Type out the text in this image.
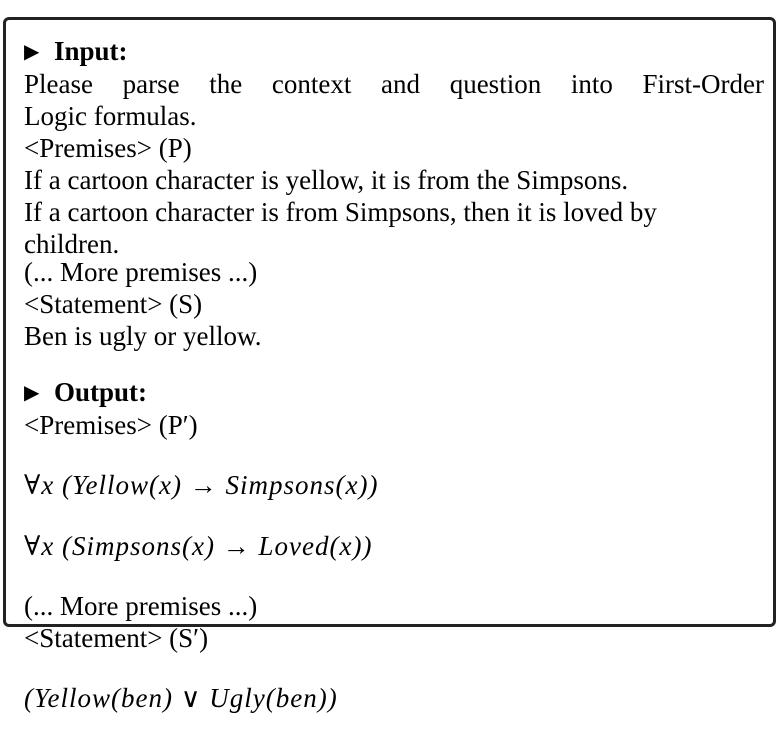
▶ Input:

Please parse the context and question into First-Order

Logic formulas.

<Premises> (P)

If a cartoon character is yellow, it is from the Simpsons.

If a cartoon character is from Simpsons, then it is loved by

children.

(... More premises ...)

<Statement> (S)

Ben is ugly or yellow.

▶ Output:

<Premises> (P′)

∀x (Yellow(x) → Simpsons(x))

∀x (Simpsons(x) → Loved(x))

(... More premises ...)

<Statement> (S′)

(Yellow(ben) ∨ Ugly(ben))
